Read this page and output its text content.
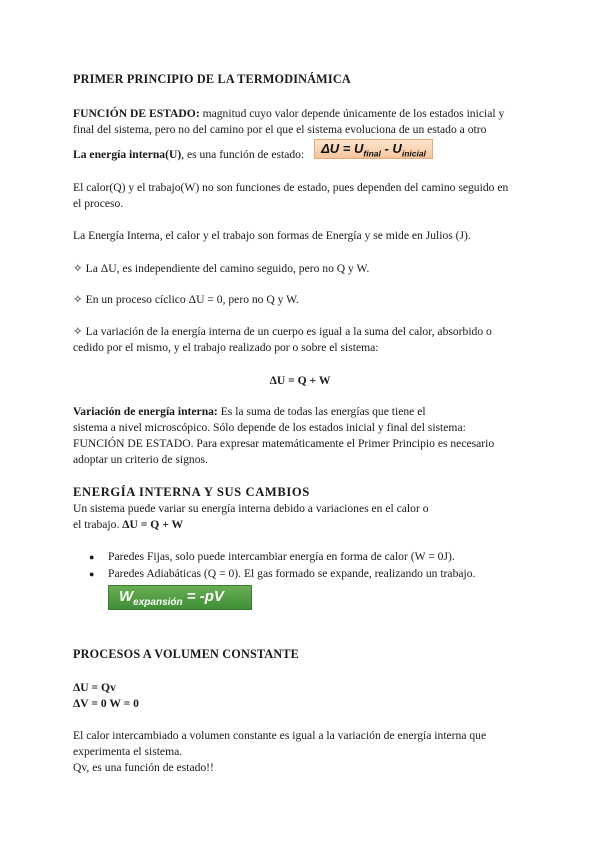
PRIMER PRINCIPIO DE LA TERMODINÁMICA

FUNCIÓN DE ESTADO: magnitud cuyo valor depende únicamente de los estados inicial y

final del sistema, pero no del camino por el que el sistema evoluciona de un estado a otro

La energía interna(U), es una función de estado:	$\Delta U = U_{final} - U_{inicial}$

El calor(Q) y el trabajo(W) no son funciones de estado, pues dependen del camino seguido en

el proceso.

La Energía Interna, el calor y el trabajo son formas de Energía y se mide en Julios (J).

✧ La ΔU, es independiente del camino seguido, pero no Q y W.

✧ En un proceso cíclico ΔU = 0, pero no Q y W.

✧ La variación de la energía interna de un cuerpo es igual a la suma del calor, absorbido o

cedido por el mismo, y el trabajo realizado por o sobre el sistema:

ΔU = Q + W

Variación de energía interna: Es la suma de todas las energías que tiene el

sistema a nivel microscópico. Sólo depende de los estados inicial y final del sistema:

FUNCIÓN DE ESTADO. Para expresar matemáticamente el Primer Principio es necesario

adoptar un criterio de signos.

ENERGÍA INTERNA Y SUS CAMBIOS

Un sistema puede variar su energía interna debido a variaciones en el calor o

el trabajo. ΔU = Q + W

● Paredes Fijas, solo puede intercambiar energía en forma de calor (W = 0J).

● Paredes Adiabáticas (Q = 0). El gas formado se expande, realizando un trabajo.

$W_{expansión} = -pV$

PROCESOS A VOLUMEN CONSTANTE

ΔU = Qv

ΔV = 0 W = 0

El calor intercambiado a volumen constante es igual a la variación de energía interna que

experimenta el sistema.

Qv, es una función de estado!!
